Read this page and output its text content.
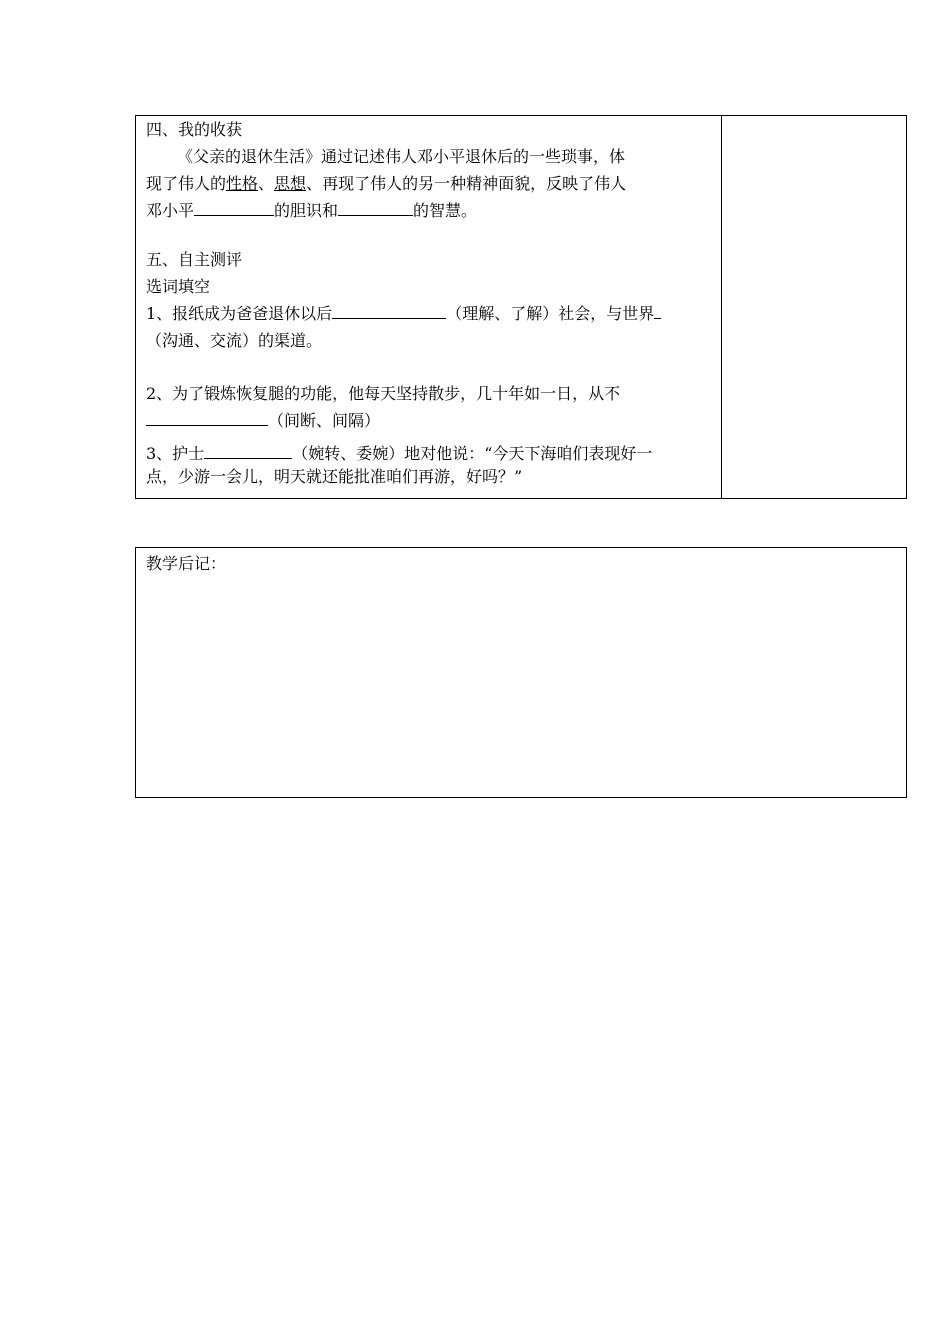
四、我的收获

《父亲的退休生活》通过记述伟人邓小平退休后的一些琐事，体

现了伟人的性格、思想、再现了伟人的另一种精神面貌，反映了伟人

邓小平	的胆识和	的智慧。

五、自主测评

选词填空

1、报纸成为爸爸退休以后	（理解、了解）社会，与世界

（沟通、交流）的渠道。

2、为了锻炼恢复腿的功能，他每天坚持散步，几十年如一日，从不

（间断、间隔）

3、护士	（婉转、委婉）地对他说：“今天下海咱们表现好一

点，少游一会儿，明天就还能批准咱们再游，好吗？”

教学后记：
